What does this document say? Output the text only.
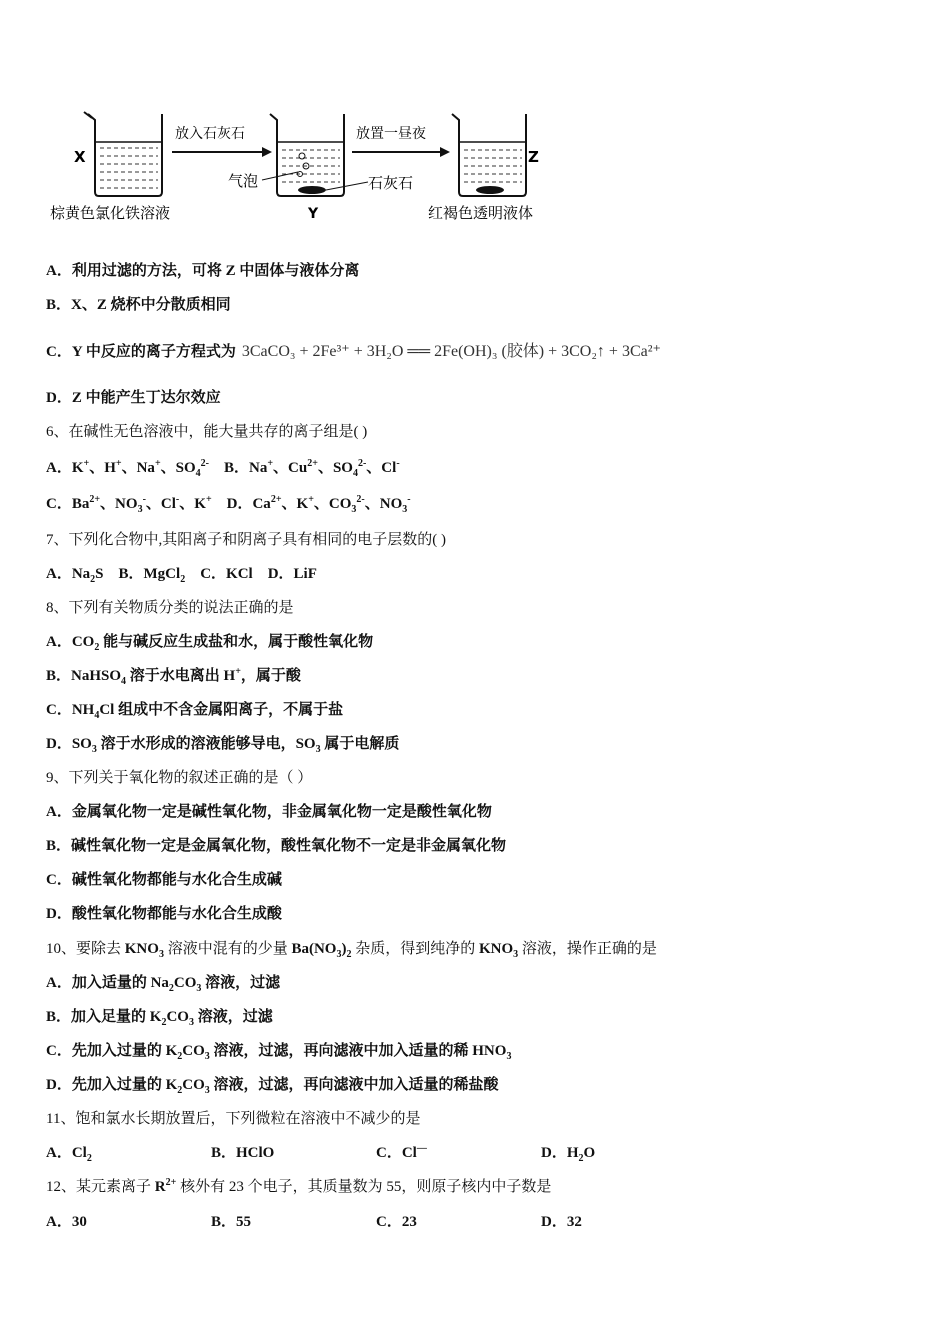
X
放入石灰石
Y
气泡	石灰石
放置一昼夜
Z
棕黄色氯化铁溶液	红褐色透明液体
A．利用过滤的方法，可将 Z 中固体与液体分离
B．X、Z 烧杯中分散质相同
C．Y 中反应的离子方程式为 3CaCO₃ + 2Fe³⁺ + 3H₂O ══ 2Fe(OH)₃ (胶体) + 3CO₂↑ + 3Ca²⁺
D．Z 中能产生丁达尔效应
6、在碱性无色溶液中，能大量共存的离子组是( )
A．K+、H+、Na+、$SO_4^{2-}$    B．Na+、$Cu^{2+}$、$SO_4^{2-}$、Cl-
C．$Ba^{2+}$、$NO_3^-$、Cl-、K+    D．$Ca^{2+}$、K+、$CO_3^{2-}$、$NO_3^-$
7、下列化合物中,其阳离子和阴离子具有相同的电子层数的( )
A．$Na_2S$    B．MgCl$_2$    C．KCl    D．LiF
8、下列有关物质分类的说法正确的是
A．$CO_2$ 能与碱反应生成盐和水，属于酸性氧化物
B．NaHSO$_4$ 溶于水电离出 H+，属于酸
C．$NH_4Cl$ 组成中不含金属阳离子，不属于盐
D．$SO_3$ 溶于水形成的溶液能够导电，$SO_3$ 属于电解质
9、下列关于氧化物的叙述正确的是（ ）
A．金属氧化物一定是碱性氧化物，非金属氧化物一定是酸性氧化物
B．碱性氧化物一定是金属氧化物，酸性氧化物不一定是非金属氧化物
C．碱性氧化物都能与水化合生成碱
D．酸性氧化物都能与水化合生成酸
10、要除去 $KNO_3$ 溶液中混有的少量 $Ba(NO_3)_2$ 杂质，得到纯净的 $KNO_3$ 溶液，操作正确的是
A．加入适量的 $Na_2CO_3$ 溶液，过滤
B．加入足量的 $K_2CO_3$ 溶液，过滤
C．先加入过量的 $K_2CO_3$ 溶液，过滤，再向滤液中加入适量的稀 $HNO_3$
D．先加入过量的 $K_2CO_3$ 溶液，过滤，再向滤液中加入适量的稀盐酸
11、饱和氯水长期放置后，下列微粒在溶液中不减少的是
A．$Cl_2$	B．HClO	C．Cl—	D．$H_2O$
12、某元素离子 $R^{2+}$ 核外有 23 个电子，其质量数为 55，则原子核内中子数是
A．30	B．55	C．23	D．32
